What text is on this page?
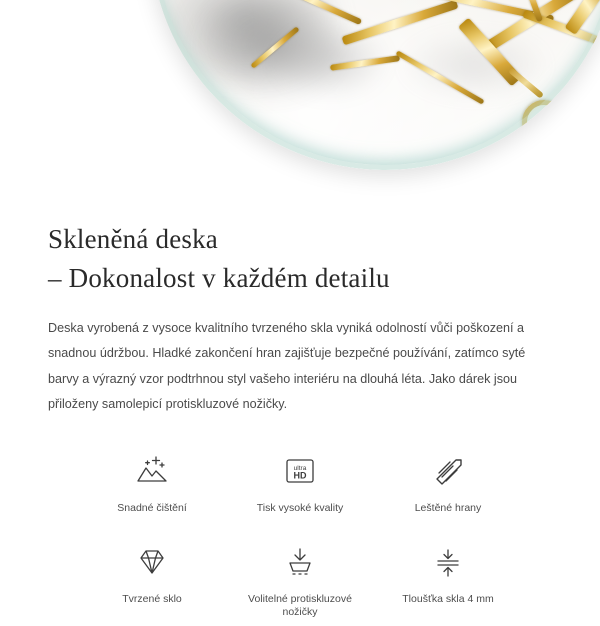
Skleněná deska
– Dokonalost v každém detailu

Deska vyrobená z vysoce kvalitního tvrzeného skla vyniká odolností vůči poškození a snadnou údržbou. Hladké zakončení hran zajišťuje bezpečné používání, zatímco syté barvy a výrazný vzor podtrhnou styl vašeho interiéru na dlouhá léta. Jako dárek jsou přiloženy samolepicí protiskluzové nožičky.

Snadné čištění
ultra
HD
Tisk vysoké kvality	Leštěné hrany
Tvrzené sklo	Volitelné protiskluzové nožičky
Tloušťka skla 4 mm
